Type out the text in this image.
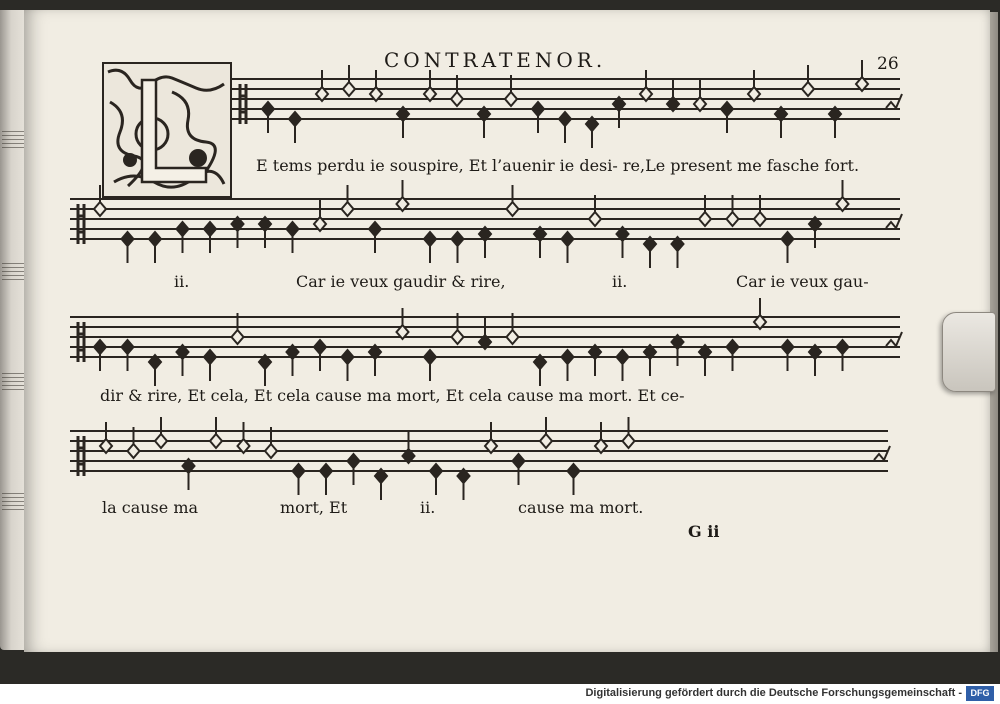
CONTRATENOR.	26
E tems perdu ie souspire, Et l’auenir ie desi- re,Le present me fasche fort.
ii.	Car ie veux gaudir & rire,	ii.	Car ie veux gau-
dir & rire, Et cela, Et cela cause ma mort, Et cela cause ma mort. Et ce-
la cause ma	mort, Et	ii.	cause ma mort.
G ii
Digitalisierung gefördert durch die Deutsche Forschungsgemeinschaft - DFG
